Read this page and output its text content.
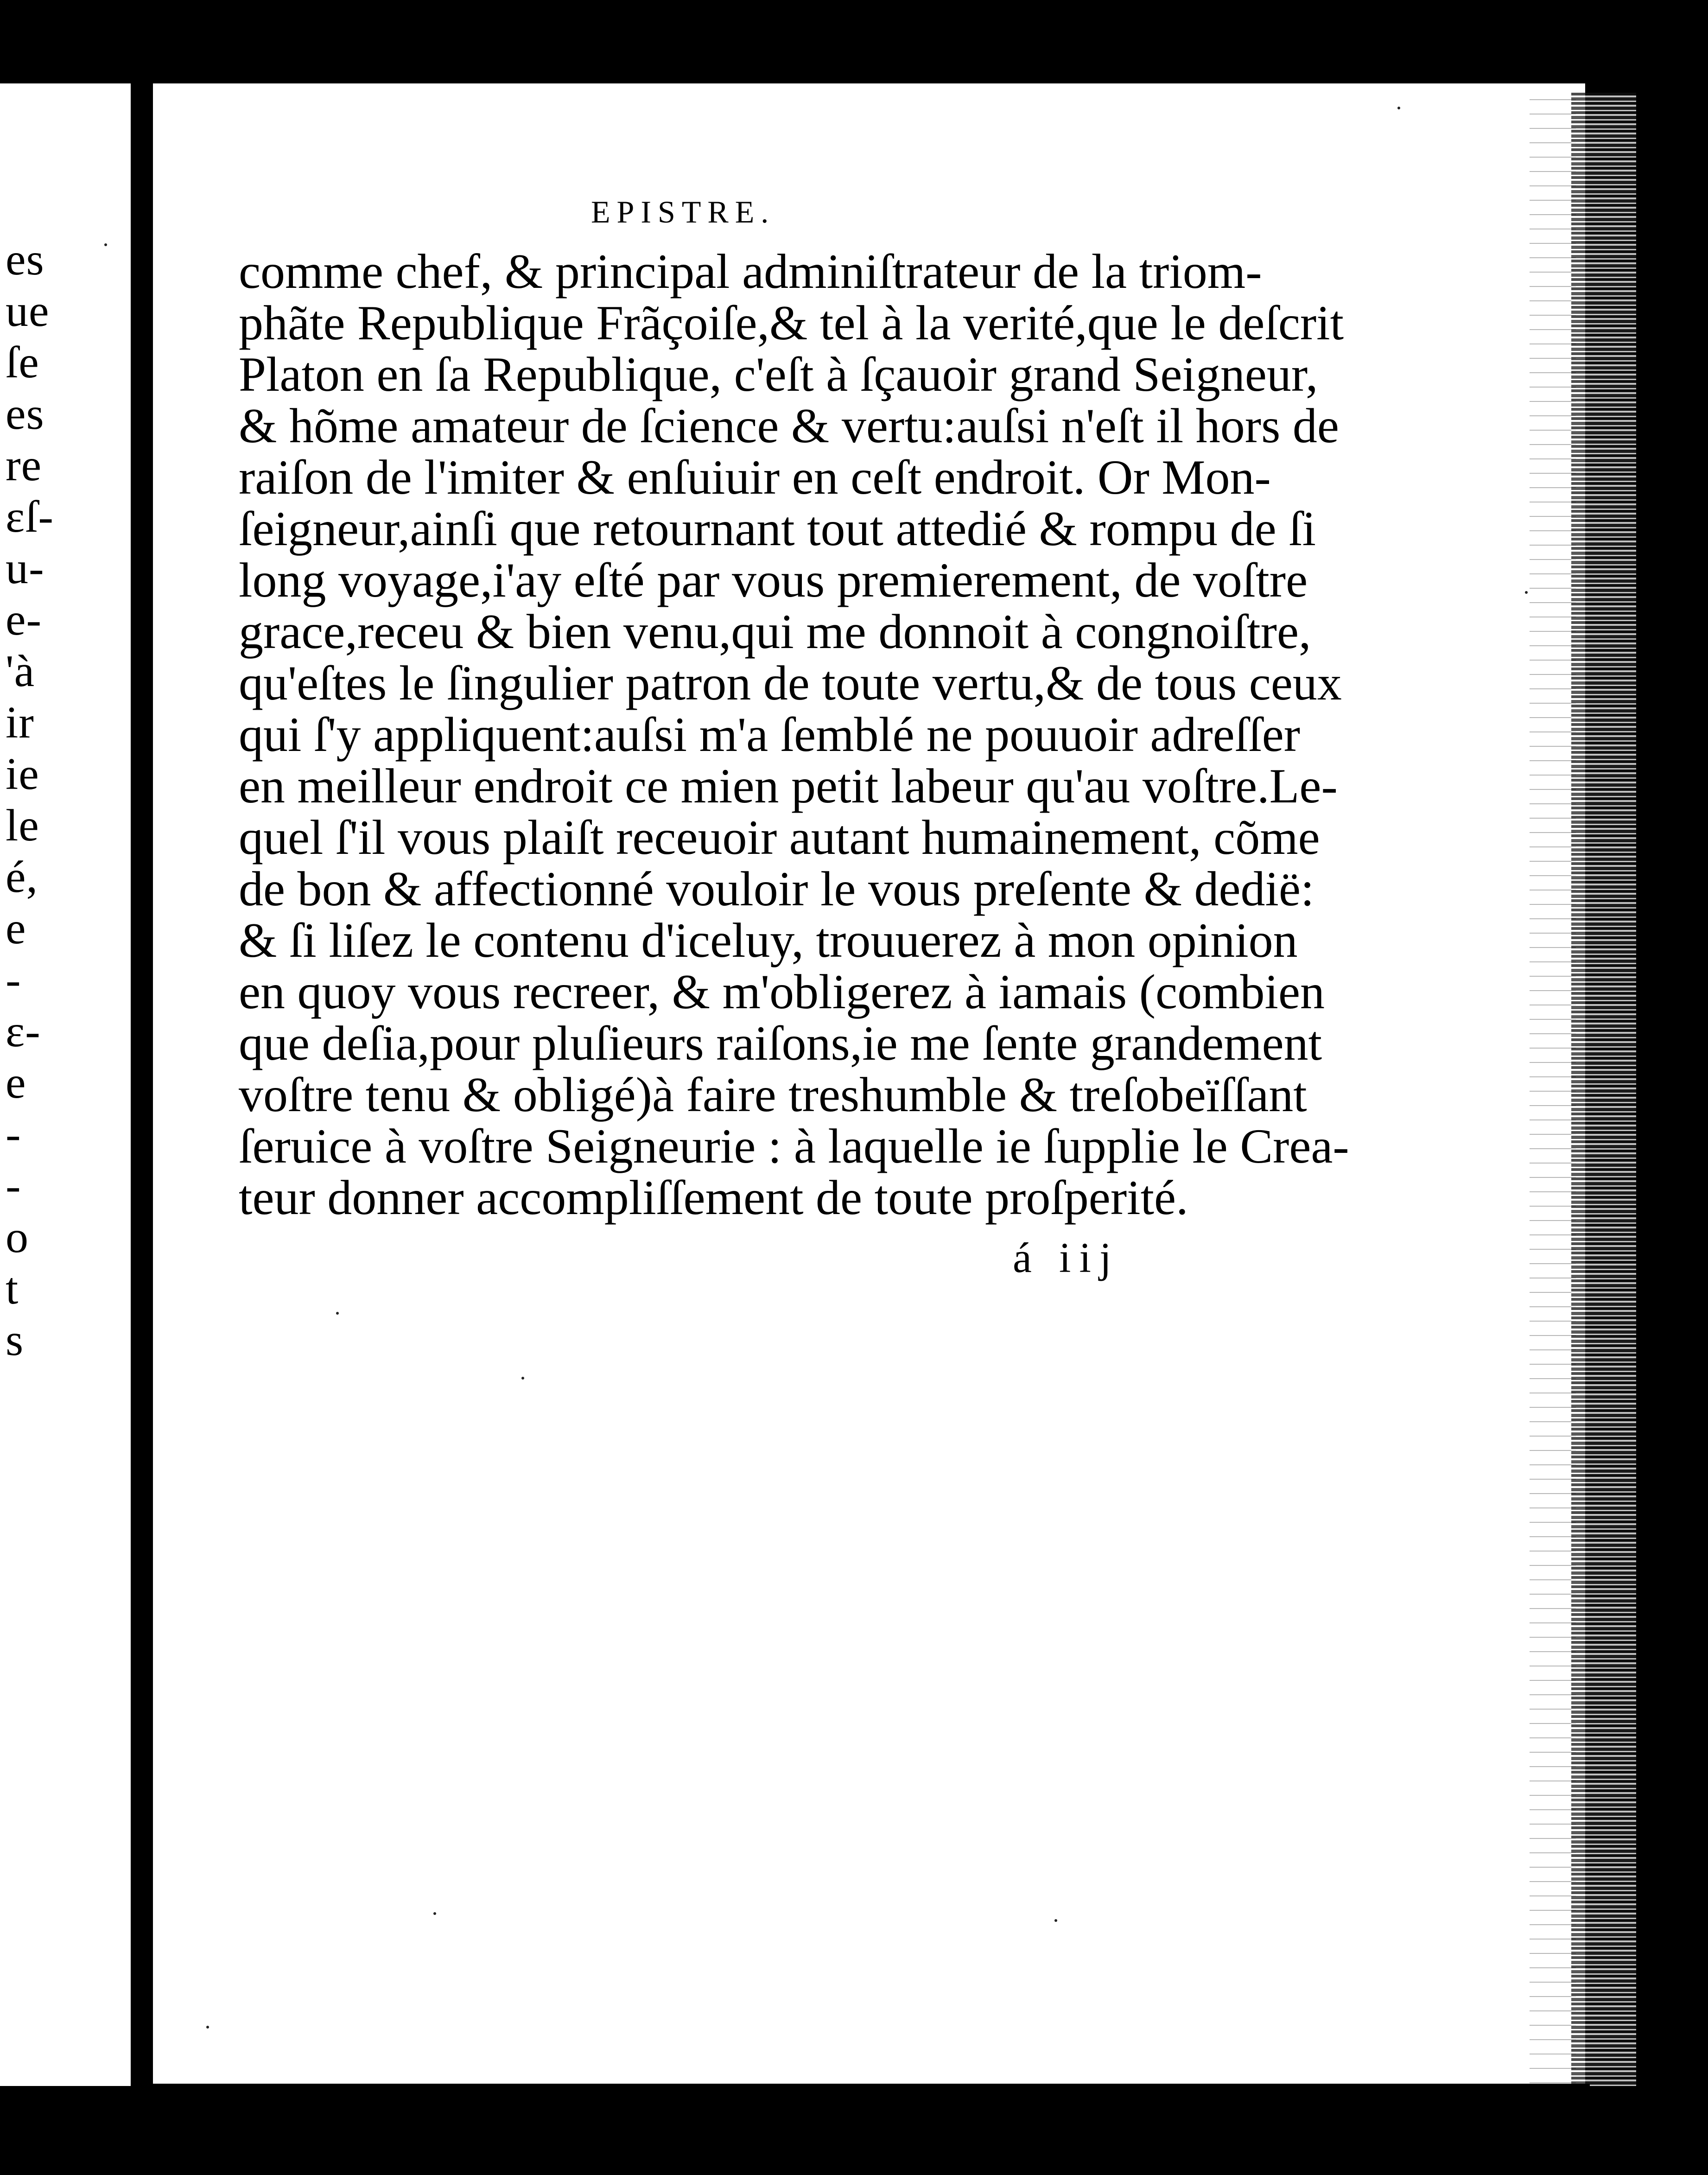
es
ue
ſe
es
re
ɛſ-
u-
e-
'à
ir
ie
le
é,
e
-
ɛ-
e
-
-
o
t
s
EPISTRE.
comme chef, & principal adminiſtrateur de la triom-
phãte Republique Frãçoiſe,& tel à la verité,que le deſcrit
Platon en ſa Republique, c'eſt à ſçauoir grand Seigneur,
& hõme amateur de ſcience & vertu:auſsi n'eſt il hors de
raiſon de l'imiter & enſuiuir en ceſt endroit. Or Mon-
ſeigneur,ainſi que retournant tout attedié & rompu de ſi
long voyage,i'ay eſté par vous premierement, de voſtre
grace,receu & bien venu,qui me donnoit à congnoiſtre,
qu'eſtes le ſingulier patron de toute vertu,& de tous ceux
qui ſ'y appliquent:auſsi m'a ſemblé ne pouuoir adreſſer
en meilleur endroit ce mien petit labeur qu'au voſtre.Le-
quel ſ'il vous plaiſt receuoir autant humainement, cõme
de bon & affectionné vouloir le vous preſente & dedië:
& ſi liſez le contenu d'iceluy, trouuerez à mon opinion
en quoy vous recreer, & m'obligerez à iamais (combien
que deſia,pour pluſieurs raiſons,ie me ſente grandement
voſtre tenu & obligé)à faire treshumble & treſobeïſſant
ſeruice à voſtre Seigneurie : à laquelle ie ſupplie le Crea-
teur donner accompliſſement de toute proſperité.
á iij
